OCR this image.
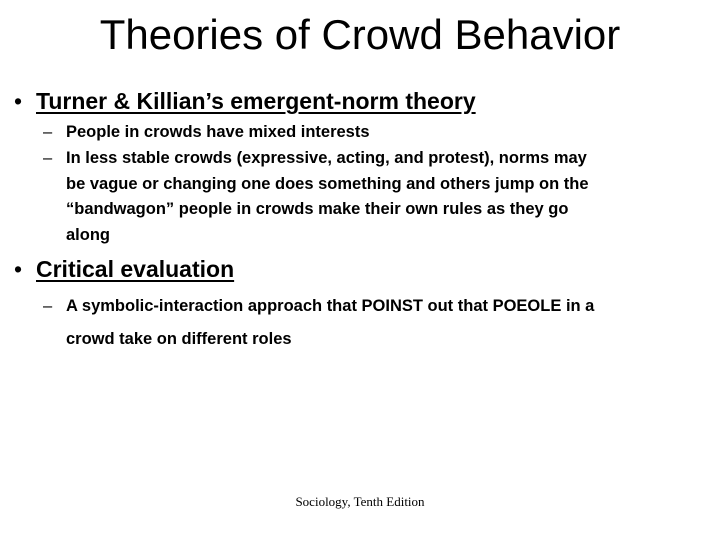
Theories of Crowd Behavior
• Turner & Killian’s emergent-norm theory
– People in crowds have mixed interests
– In less stable crowds (expressive, acting, and protest), norms may
be vague or changing one does something and others jump on the
“bandwagon” people in crowds make their own rules as they go
along
• Critical evaluation
– A symbolic-interaction approach that POINST out that POEOLE in a
crowd take on different roles
Sociology, Tenth Edition
